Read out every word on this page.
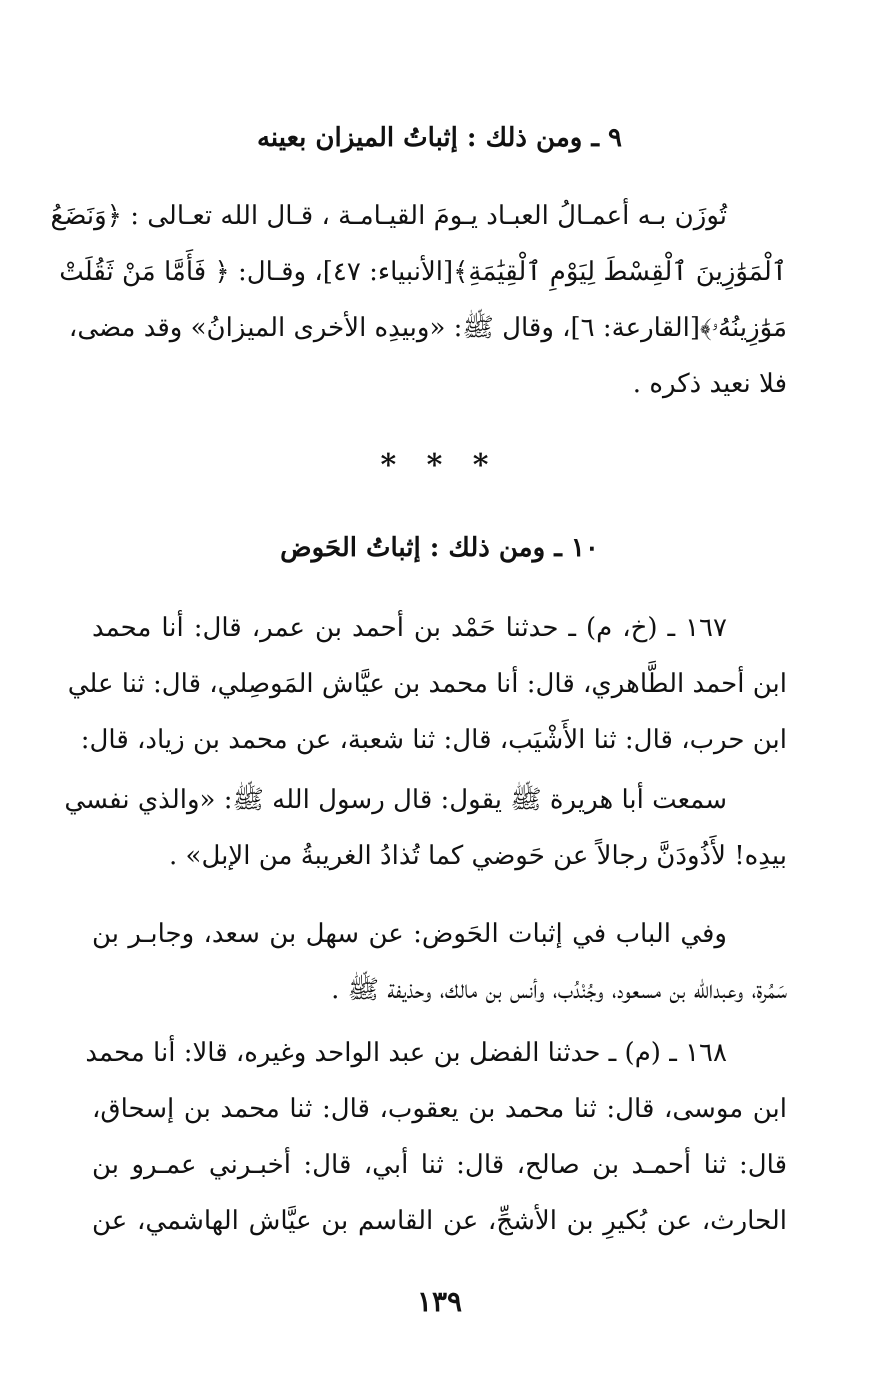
٩ ـ ومن ذلك : إثباتُ الميزان بعينه
تُوزَن بـه أعمـالُ العبـاد يـومَ القيـامـة ، قـال الله تعـالى : ﴿وَنَضَعُ
ٱلْمَوَٰزِينَ ٱلْقِسْطَ لِيَوْمِ ٱلْقِيَٰمَةِ﴾[الأنبياء: ٤٧]، وقـال: ﴿ فَأَمَّا مَنْ ثَقُلَتْ
مَوَٰزِينُهُۥ﴾[القارعة: ٦]، وقال ﷺ: «وبيدِه الأخرى الميزانُ» وقد مضى،
فلا نعيد ذكره .
* * *
١٠ ـ ومن ذلك : إثباتُ الحَوض
١٦٧ ـ (خ، م) ـ حدثنا حَمْد بن أحمد بن عمر، قال: أنا محمد
ابن أحمد الطَّاهري، قال: أنا محمد بن عيَّاش المَوصِلي، قال: ثنا علي
ابن حرب، قال: ثنا الأَشْيَب، قال: ثنا شعبة، عن محمد بن زياد، قال:
سمعت أبا هريرة ﷺ يقول: قال رسول الله ﷺ: «والذي نفسي
بيدِه! لأَذُودَنَّ رجالاً عن حَوضي كما تُذادُ الغريبةُ من الإبل» .
وفي الباب في إثبات الحَوض: عن سهل بن سعد، وجابـر بن
سَمُرة، وعبدالله بن مسعود، وجُنْدُب، وأنس بن مالك، وحذيفة ﷺ .
١٦٨ ـ (م) ـ حدثنا الفضل بن عبد الواحد وغيره، قالا: أنا محمد
ابن موسى، قال: ثنا محمد بن يعقوب، قال: ثنا محمد بن إسحاق،
قال: ثنا أحمـد بن صالح، قال: ثنا أبي، قال: أخبـرني عمـرو بن
الحارث، عن بُكيرِ بن الأشجِّ، عن القاسم بن عيَّاش الهاشمي، عن
١٣٩
